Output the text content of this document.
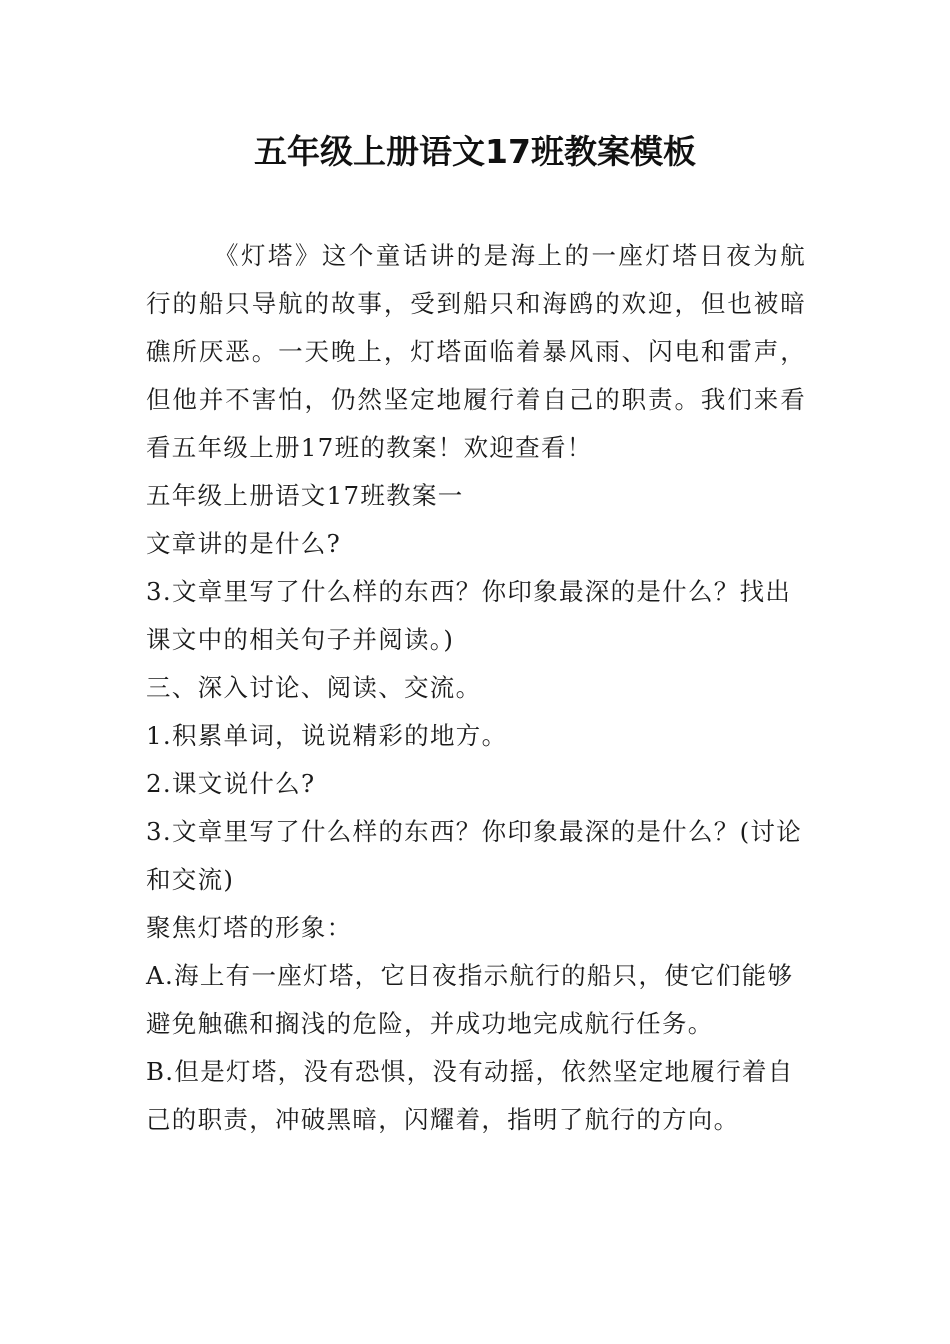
五年级上册语文17班教案模板

《灯塔》这个童话讲的是海上的一座灯塔日夜为航行的船只导航的故事，受到船只和海鸥的欢迎，但也被暗礁所厌恶。一天晚上，灯塔面临着暴风雨、闪电和雷声，但他并不害怕，仍然坚定地履行着自己的职责。我们来看看五年级上册17班的教案！欢迎查看！

五年级上册语文17班教案一

文章讲的是什么?

3.文章里写了什么样的东西？你印象最深的是什么？找出课文中的相关句子并阅读。)

三、深入讨论、阅读、交流。

1.积累单词，说说精彩的地方。

2.课文说什么?

3.文章里写了什么样的东西？你印象最深的是什么？(讨论和交流)

聚焦灯塔的形象：

A.海上有一座灯塔，它日夜指示航行的船只，使它们能够避免触礁和搁浅的危险，并成功地完成航行任务。

B.但是灯塔，没有恐惧，没有动摇，依然坚定地履行着自己的职责，冲破黑暗，闪耀着，指明了航行的方向。
